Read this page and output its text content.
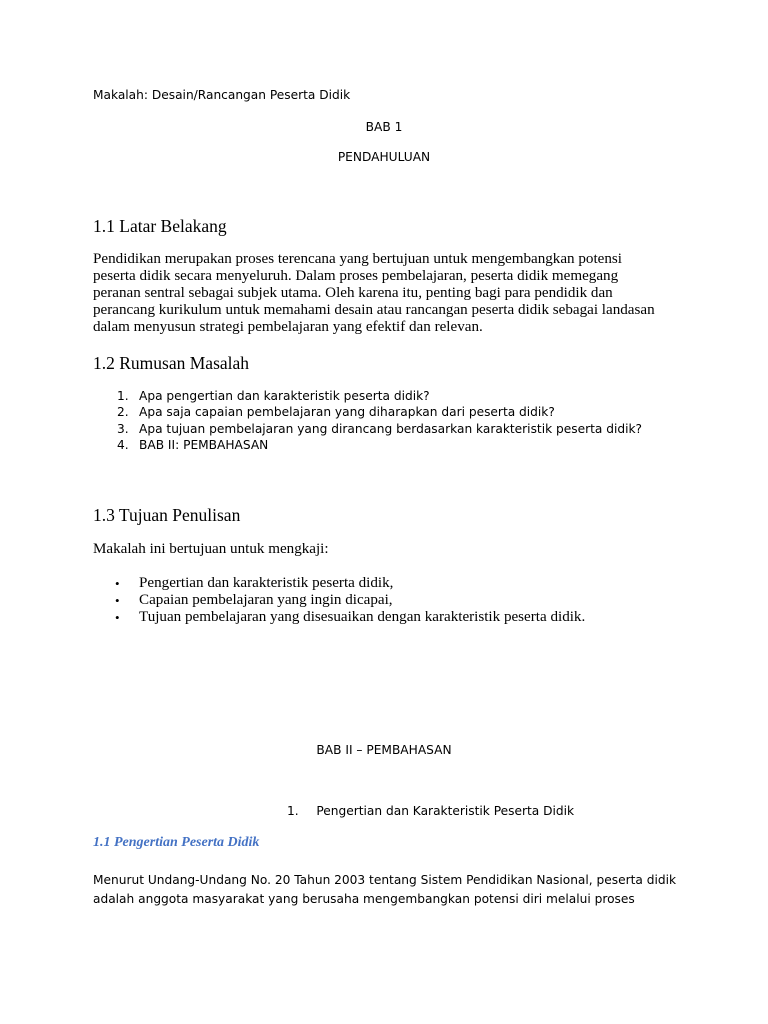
Makalah: Desain/Rancangan Peserta Didik
BAB 1
PENDAHULUAN
1.1 Latar Belakang
Pendidikan merupakan proses terencana yang bertujuan untuk mengembangkan potensi
peserta didik secara menyeluruh. Dalam proses pembelajaran, peserta didik memegang
peranan sentral sebagai subjek utama. Oleh karena itu, penting bagi para pendidik dan
perancang kurikulum untuk memahami desain atau rancangan peserta didik sebagai landasan
dalam menyusun strategi pembelajaran yang efektif dan relevan.
1.2 Rumusan Masalah
1. Apa pengertian dan karakteristik peserta didik?
2. Apa saja capaian pembelajaran yang diharapkan dari peserta didik?
3. Apa tujuan pembelajaran yang dirancang berdasarkan karakteristik peserta didik?
4. BAB II: PEMBAHASAN
1.3 Tujuan Penulisan
Makalah ini bertujuan untuk mengkaji:
• Pengertian dan karakteristik peserta didik,
• Capaian pembelajaran yang ingin dicapai,
• Tujuan pembelajaran yang disesuaikan dengan karakteristik peserta didik.
BAB II – PEMBAHASAN
1. Pengertian dan Karakteristik Peserta Didik
1.1 Pengertian Peserta Didik
Menurut Undang-Undang No. 20 Tahun 2003 tentang Sistem Pendidikan Nasional, peserta didik
adalah anggota masyarakat yang berusaha mengembangkan potensi diri melalui proses
